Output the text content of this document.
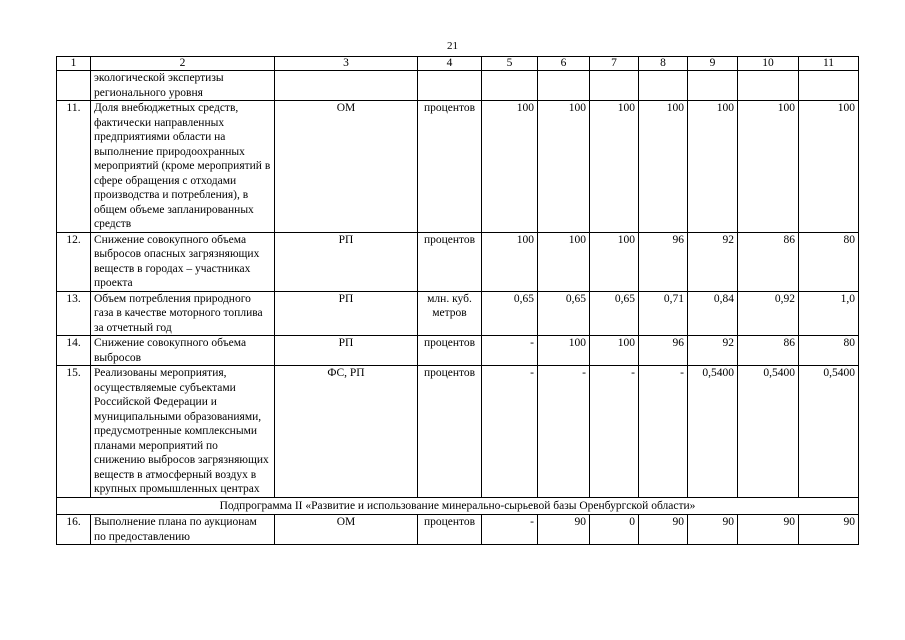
21
1	2	3	4	5	6	7	8	9	10	11
	экологической экспертизы регионального уровня									
11.	Доля внебюджетных средств, фактически направленных предприятиями области на выполнение природоохранных мероприятий (кроме мероприятий в сфере обращения с отходами производства и потребления), в общем объеме запланированных средств	ОМ	процентов	100	100	100	100	100	100	100
12.	Снижение совокупного объема выбросов опасных загрязняющих веществ в городах – участниках проекта	РП	процентов	100	100	100	96	92	86	80
13.	Объем потребления природного газа в качестве моторного топлива за отчетный год	РП	млн. куб. метров	0,65	0,65	0,65	0,71	0,84	0,92	1,0
14.	Снижение совокупного объема выбросов	РП	процентов	-	100	100	96	92	86	80
15.	Реализованы мероприятия, осуществляемые субъектами Российской Федерации и муниципальными образованиями, предусмотренные комплексными планами мероприятий по снижению выбросов загрязняющих веществ в атмосферный воздух в крупных промышленных центрах	ФС, РП	процентов	-	-	-	-	0,5400	0,5400	0,5400
Подпрограмма II «Развитие и использование минерально-сырьевой базы Оренбургской области»										
16.	Выполнение плана по аукционам по предоставлению	ОМ	процентов	-	90	0	90	90	90	90
